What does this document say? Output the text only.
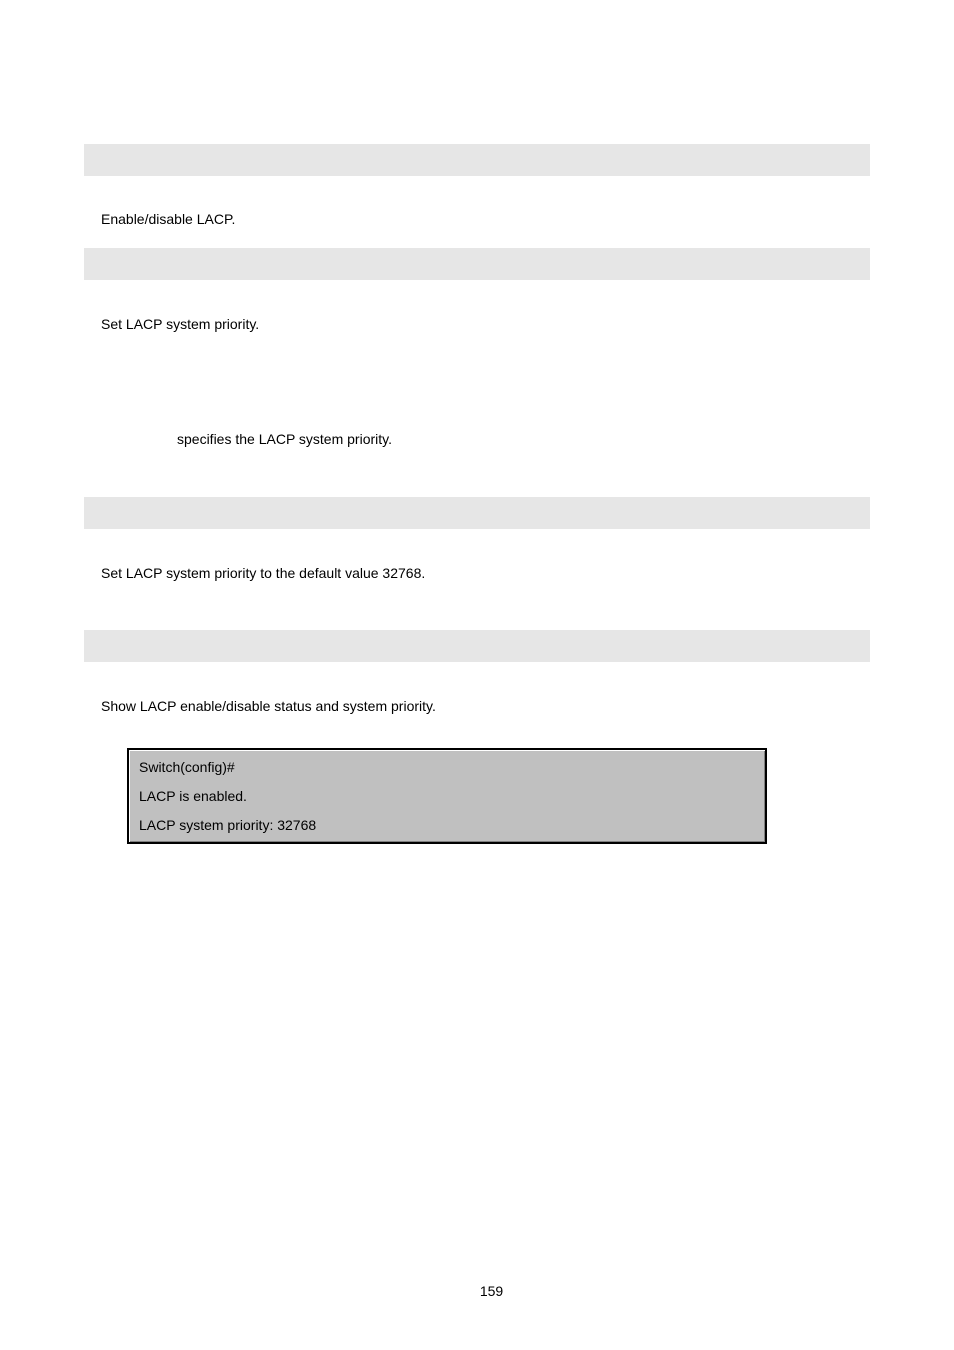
Enable/disable LACP.
Set LACP system priority.
specifies the LACP system priority.
Set LACP system priority to the default value 32768.
Show LACP enable/disable status and system priority.
Switch(config)#
LACP is enabled.
LACP system priority: 32768
159
